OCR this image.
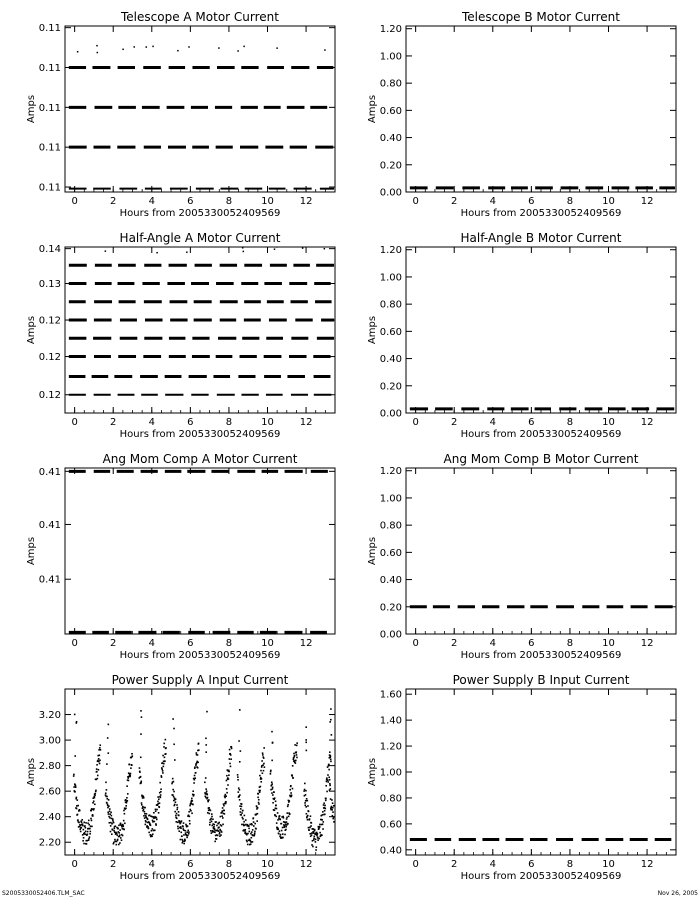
Telescope A Motor Current
Hours from 2005330052409569
Amps
0	2	4	6	8	10	12
0.11
0.11
0.11
0.11
0.11
Telescope B Motor Current
Hours from 2005330052409569
Amps
0	2	4	6	8	10	12
0.00
0.20
0.40
0.60
0.80
1.00
1.20
Half-Angle A Motor Current
Hours from 2005330052409569
Amps
0	2	4	6	8	10	12
0.12
0.12
0.12
0.13
0.14
Half-Angle B Motor Current
Hours from 2005330052409569
Amps
0	2	4	6	8	10	12
0.00
0.20
0.40
0.60
0.80
1.00
1.20
Ang Mom Comp A Motor Current
Hours from 2005330052409569
Amps
0	2	4	6	8	10	12
0.41
0.41
0.41
Ang Mom Comp B Motor Current
Hours from 2005330052409569
Amps
0	2	4	6	8	10	12
0.00
0.20
0.40
0.60
0.80
1.00
1.20
Power Supply A Input Current
Hours from 2005330052409569
Amps
0	2	4	6	8	10	12
2.20
2.40
2.60
2.80
3.00
3.20
Power Supply B Input Current
Hours from 2005330052409569
Amps
0	2	4	6	8	10	12
0.40
0.60
0.80
1.00
1.20
1.40
1.60
S2005330052406.TLM_SAC	Nov 26, 2005
